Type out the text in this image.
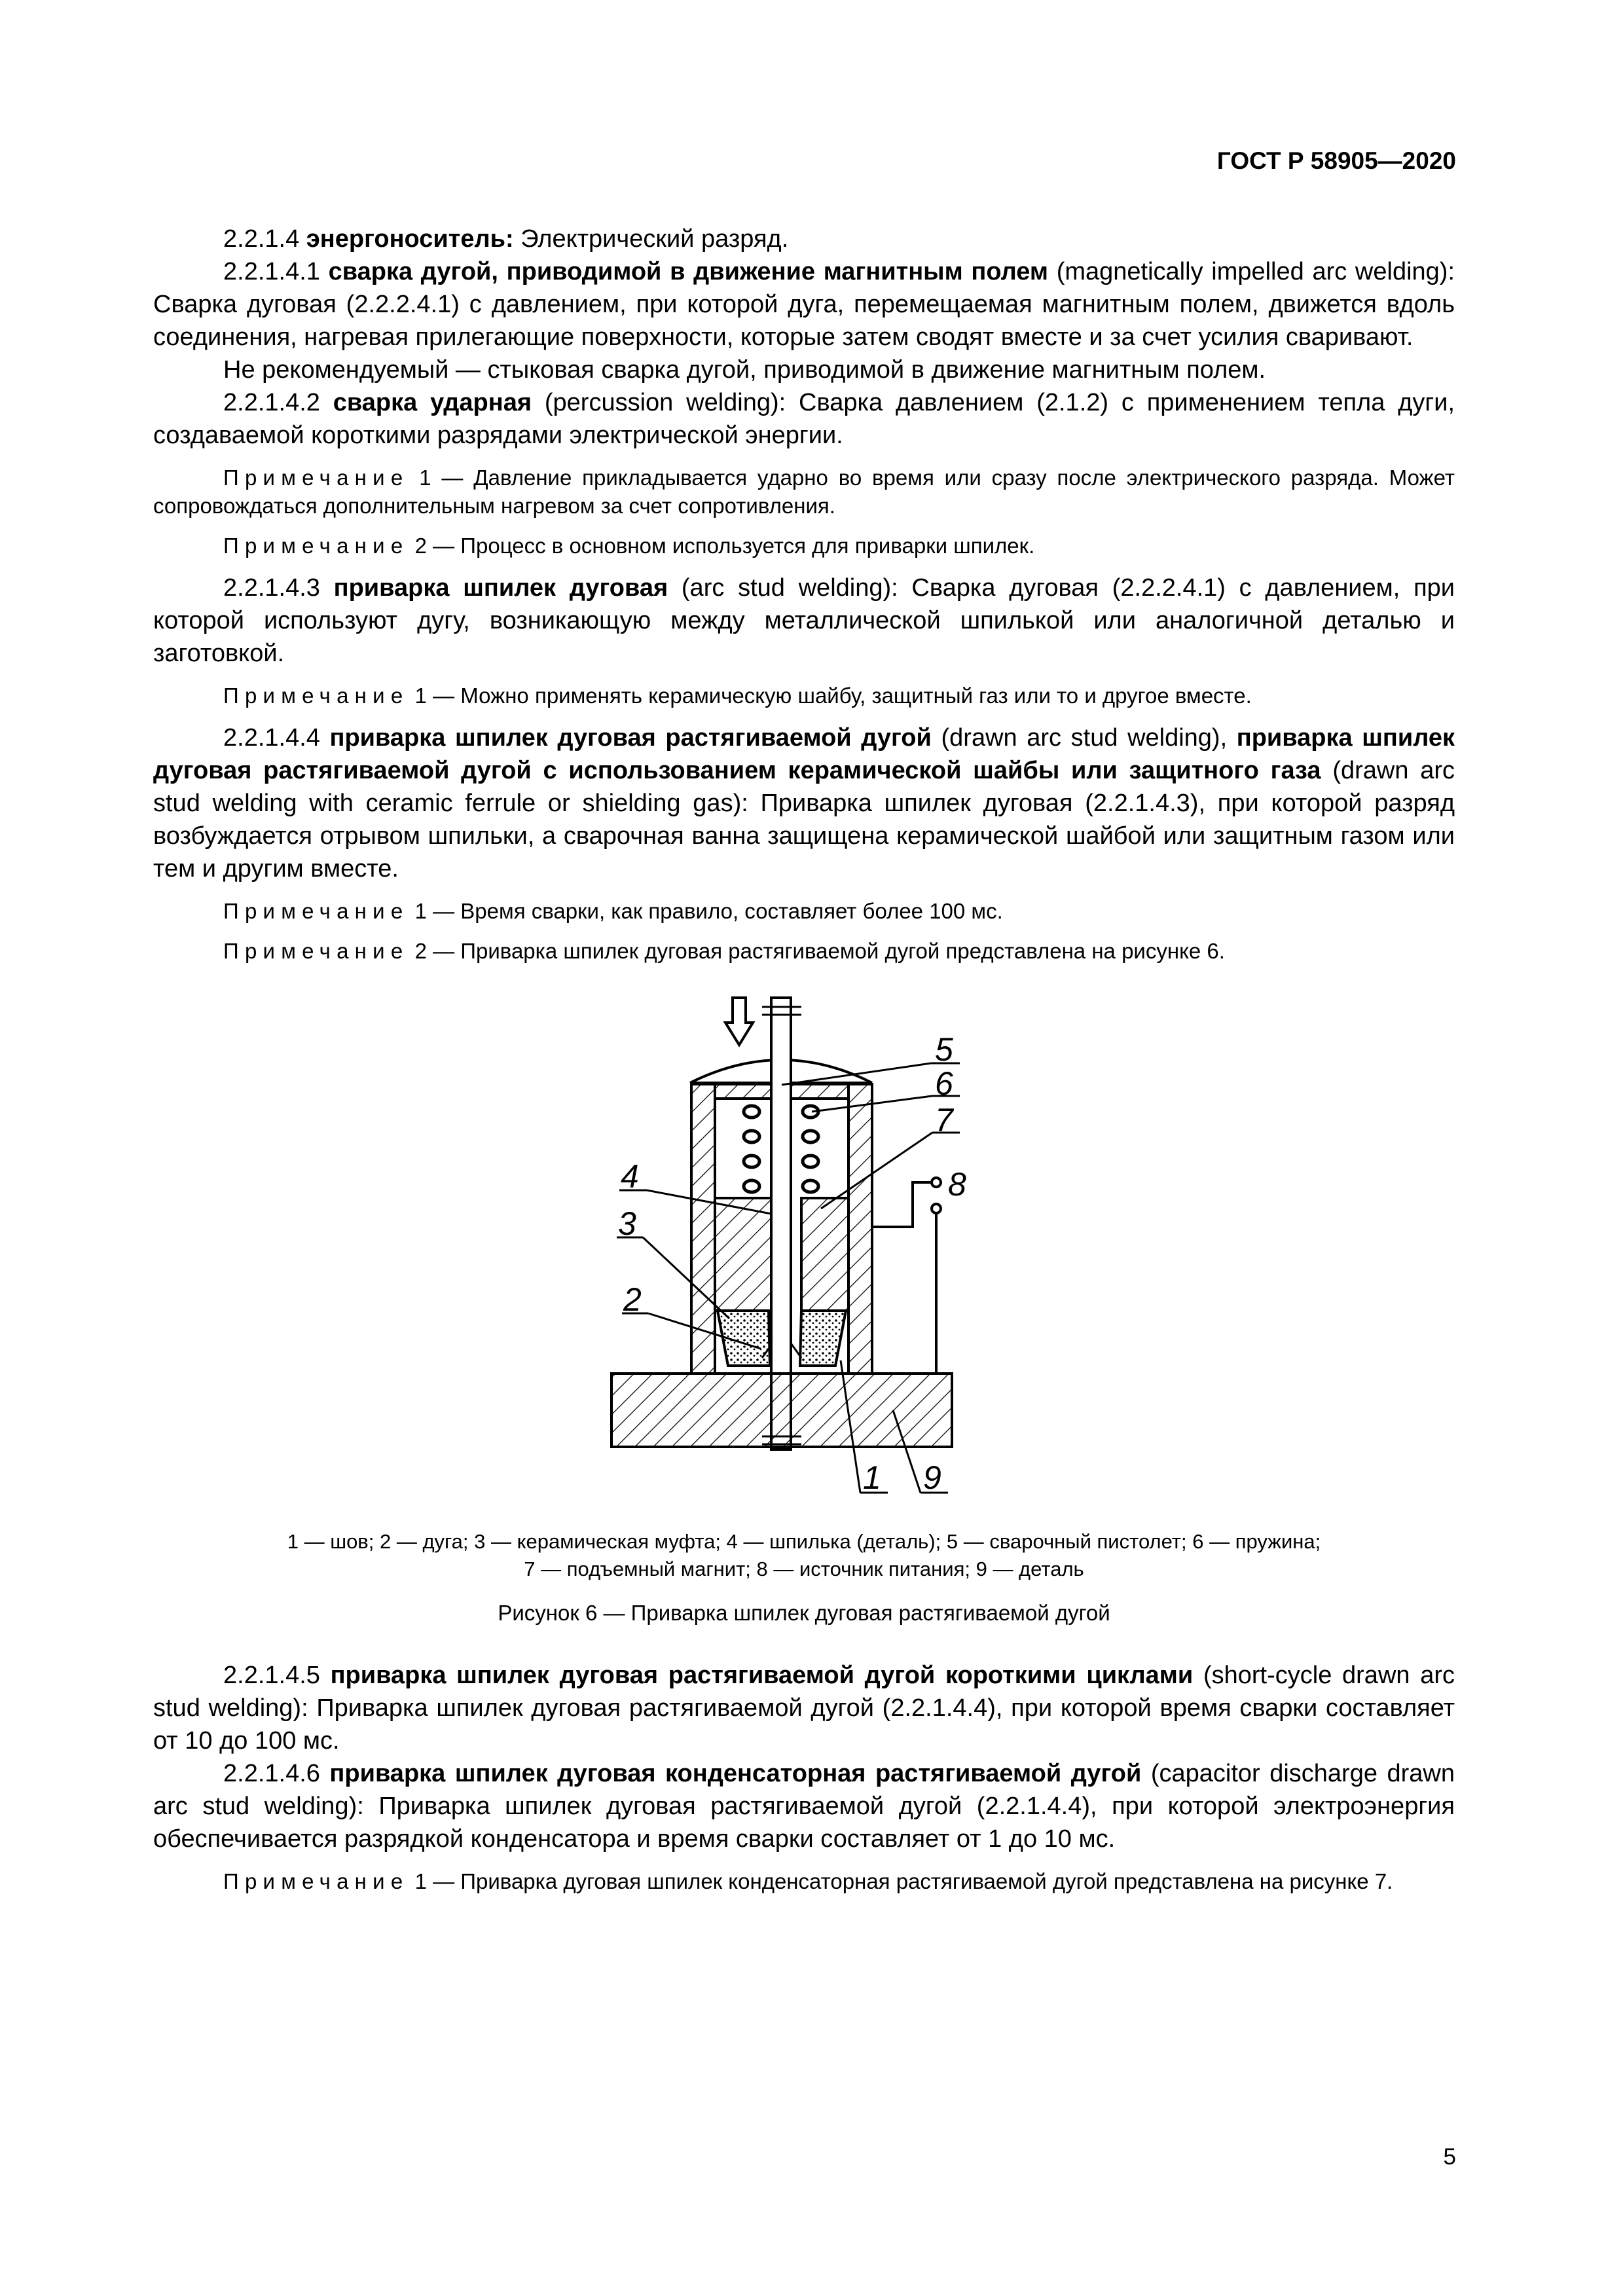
ГОСТ Р 58905—2020

2.2.1.4 энергоноситель: Электрический разряд.

2.2.1.4.1 сварка дугой, приводимой в движение магнитным полем (magnetically impelled arc welding): Сварка дуговая (2.2.2.4.1) с давлением, при которой дуга, перемещаемая магнитным полем, движется вдоль соединения, нагревая прилегающие поверхности, которые затем сводят вместе и за счет усилия сваривают.

Не рекомендуемый — стыковая сварка дугой, приводимой в движение магнитным полем.

2.2.1.4.2 сварка ударная (percussion welding): Сварка давлением (2.1.2) с применением тепла дуги, создаваемой короткими разрядами электрической энергии.

Примечание 1 — Давление прикладывается ударно во время или сразу после электрического разряда. Может сопровождаться дополнительным нагревом за счет сопротивления.

Примечание 2 — Процесс в основном используется для приварки шпилек.

2.2.1.4.3 приварка шпилек дуговая (arc stud welding): Сварка дуговая (2.2.2.4.1) с давлением, при которой используют дугу, возникающую между металлической шпилькой или аналогичной деталью и заготовкой.

Примечание 1 — Можно применять керамическую шайбу, защитный газ или то и другое вместе.

2.2.1.4.4 приварка шпилек дуговая растягиваемой дугой (drawn arc stud welding), приварка шпилек дуговая растягиваемой дугой с использованием керамической шайбы или защитного газа (drawn arc stud welding with ceramic ferrule or shielding gas): Приварка шпилек дуговая (2.2.1.4.3), при которой разряд возбуждается отрывом шпильки, а сварочная ванна защищена керамической шайбой или защитным газом или тем и другим вместе.

Примечание 1 — Время сварки, как правило, составляет более 100 мс.

Примечание 2 — Приварка шпилек дуговая растягиваемой дугой представлена на рисунке 6.

5
6
7
8
4
3
2
1 9

1 — шов; 2 — дуга; 3 — керамическая муфта; 4 — шпилька (деталь); 5 — сварочный пистолет; 6 — пружина;

7 — подъемный магнит; 8 — источник питания; 9 — деталь

Рисунок 6 — Приварка шпилек дуговая растягиваемой дугой

2.2.1.4.5 приварка шпилек дуговая растягиваемой дугой короткими циклами (short-cycle drawn arc stud welding): Приварка шпилек дуговая растягиваемой дугой (2.2.1.4.4), при которой время сварки составляет от 10 до 100 мс.

2.2.1.4.6 приварка шпилек дуговая конденсаторная растягиваемой дугой (capacitor discharge drawn arc stud welding): Приварка шпилек дуговая растягиваемой дугой (2.2.1.4.4), при которой электроэнергия обеспечивается разрядкой конденсатора и время сварки составляет от 1 до 10 мс.

Примечание 1 — Приварка дуговая шпилек конденсаторная растягиваемой дугой представлена на рисунке 7.

5
